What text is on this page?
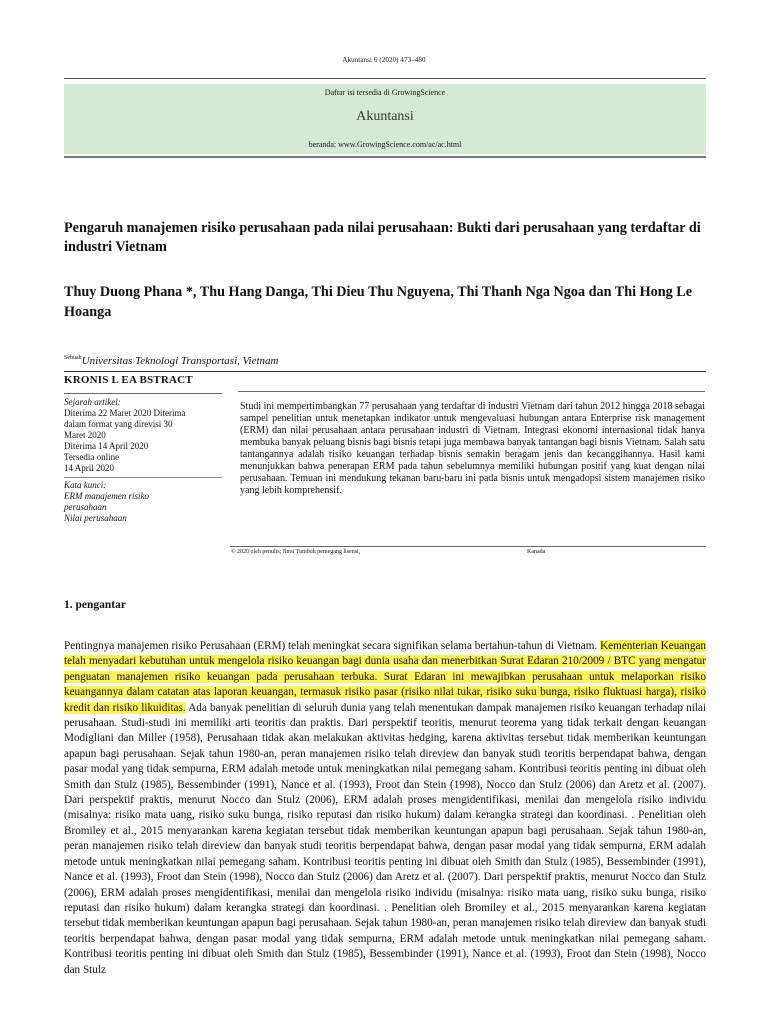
Akuntansi 6 (2020) 473–480
Daftar isi tersedia di GrowingScience
Akuntansi
beranda: www.GrowingScience.com/ac/ac.html
Pengaruh manajemen risiko perusahaan pada nilai perusahaan: Bukti dari perusahaan yang terdaftar di industri Vietnam

Thuy Duong Phana *, Thu Hang Danga, Thi Dieu Thu Nguyena, Thi Thanh Nga Ngoa dan Thi Hong Le Hoanga

$^{Sebuah}$Universitas Teknologi Transportasi, Vietnam
KRONIS L EA BSTRACT
Sejarah artikel:
Diterima 22 Maret 2020 Diterima
dalam format yang direvisi 30
Maret 2020
Diterima 14 April 2020
Tersedia online
14 April 2020
Kata kunci:
ERM manajemen risiko
perusahaan
Nilai perusahaan

Studi ini mempertimbangkan 77 perusahaan yang terdaftar di industri Vietnam dari tahun 2012 hingga 2018 sebagai sampel penelitian untuk menetapkan indikator untuk mengevaluasi hubungan antara Enterprise risk management (ERM) dan nilai perusahaan antara perusahaan industri di Vietnam. Integrasi ekonomi internasional tidak hanya membuka banyak peluang bisnis bagi bisnis tetapi juga membawa banyak tantangan bagi bisnis Vietnam. Salah satu tantangannya adalah risiko keuangan terhadap bisnis semakin beragam jenis dan kecanggihannya. Hasil kami menunjukkan bahwa penerapan ERM pada tahun sebelumnya memiliki hubungan positif yang kuat dengan nilai perusahaan. Temuan ini mendukung tekanan baru-baru ini pada bisnis untuk mengadopsi sistem manajemen risiko yang lebih komprehensif.

© 2020 oleh penulis; Ilmu Tumbuh pemegang lisensi,	Kanada
1. pengantar

Pentingnya manajemen risiko Perusahaan (ERM) telah meningkat secara signifikan selama bertahun-tahun di Vietnam. Kementerian Keuangan telah menyadari kebutuhan untuk mengelola risiko keuangan bagi dunia usaha dan menerbitkan Surat Edaran 210/2009 / BTC yang mengatur penguatan manajemen risiko keuangan pada perusahaan terbuka. Surat Edaran ini mewajibkan perusahaan untuk melaporkan risiko keuangannya dalam catatan atas laporan keuangan, termasuk risiko pasar (risiko nilai tukar, risiko suku bunga, risiko fluktuasi harga), risiko kredit dan risiko likuiditas. Ada banyak penelitian di seluruh dunia yang telah menentukan dampak manajemen risiko keuangan terhadap nilai perusahaan. Studi-studi ini memiliki arti teoritis dan praktis. Dari perspektif teoritis, menurut teorema yang tidak terkait dengan keuangan Modigliani dan Miller (1958), Perusahaan tidak akan melakukan aktivitas hedging, karena aktivitas tersebut tidak memberikan keuntungan apapun bagi perusahaan. Sejak tahun 1980-an, peran manajemen risiko telah direview dan banyak studi teoritis berpendapat bahwa, dengan pasar modal yang tidak sempurna, ERM adalah metode untuk meningkatkan nilai pemegang saham. Kontribusi teoritis penting ini dibuat oleh Smith dan Stulz (1985), Bessembinder (1991), Nance et al. (1993), Froot dan Stein (1998), Nocco dan Stulz (2006) dan Aretz et al. (2007). Dari perspektif praktis, menurut Nocco dan Stulz (2006), ERM adalah proses mengidentifikasi, menilai dan mengelola risiko individu (misalnya: risiko mata uang, risiko suku bunga, risiko reputasi dan risiko hukum) dalam kerangka strategi dan koordinasi. . Penelitian oleh Bromiley et al., 2015 menyarankan karena kegiatan tersebut tidak memberikan keuntungan apapun bagi perusahaan. Sejak tahun 1980-an, peran manajemen risiko telah direview dan banyak studi teoritis berpendapat bahwa, dengan pasar modal yang tidak sempurna, ERM adalah metode untuk meningkatkan nilai pemegang saham. Kontribusi teoritis penting ini dibuat oleh Smith dan Stulz (1985), Bessembinder (1991), Nance et al. (1993), Froot dan Stein (1998), Nocco dan Stulz (2006) dan Aretz et al. (2007). Dari perspektif praktis, menurut Nocco dan Stulz (2006), ERM adalah proses mengidentifikasi, menilai dan mengelola risiko individu (misalnya: risiko mata uang, risiko suku bunga, risiko reputasi dan risiko hukum) dalam kerangka strategi dan koordinasi. . Penelitian oleh Bromiley et al., 2015 menyarankan karena kegiatan tersebut tidak memberikan keuntungan apapun bagi perusahaan. Sejak tahun 1980-an, peran manajemen risiko telah direview dan banyak studi teoritis berpendapat bahwa, dengan pasar modal yang tidak sempurna, ERM adalah metode untuk meningkatkan nilai pemegang saham. Kontribusi teoritis penting ini dibuat oleh Smith dan Stulz (1985), Bessembinder (1991), Nance et al. (1993), Froot dan Stein (1998), Nocco dan Stulz
